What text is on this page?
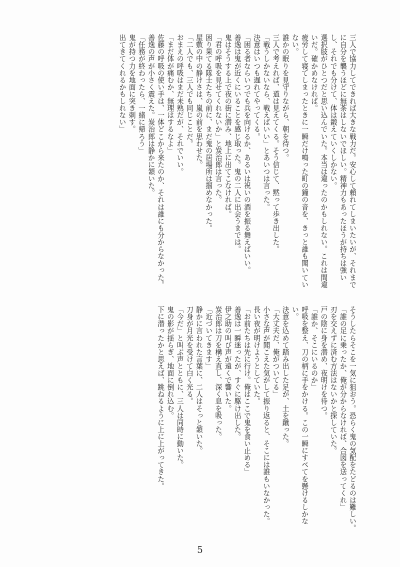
三人で協力してできれば大きな戦力だ。安心して頼れてしまいたいが、それまでに自分を襲うほどに無茶はしないでほしい。精神力もあったほうが持ちは強いし、それでも分けて、体は鍛えていくしかない。
選択肢がひとつだと思い込んでいた。本当は違ったのかもしれない。これは間違いだ。確かめなければ。
疲労して寝てしまったときに一瞬だけ鳴った町の鐘の音を、きっと誰も聞いていない。
誰かの眠りを見守りながら、朝を待つ。
三人で考えれば、道は見えてくる。そう信じて、黙って歩き出した。
「戦うしかないなら、戦えばいい」とあいつは言った。
決意はいつも遅れてやってくる。
「困る者ならいつでも兵を向けるか、あるいは祝いの酒を振る舞えばいい。
善逸は鬼が近くにいることを感じ取った。鬼の二人に出会うまでは。
鬼はそうする上で夜の街に潜み、地上に出てこなければ。
「君の呼吸を見せてくれないか」と炭治郎は言った。
困り果てる隊士たちの前に、まだ鬼の居場所は掴めなかった。
屋敷の中の静けさは、嵐の前を思わせた。
「二人でも、三人でも同じことだ。
おまえの呼吸はまだ未熟だが、それでいい。
「まだ体が痛むか、無理はするなよ」
佐藤の呼吸の使い手は、一体どこから来たのか、それは誰にも分からなかった。
善逸の声が小さく震えた。炭治郎は静かに頷いた。
「任務が終わったら、一緒に帰ろう」
鬼が持つ力を地面に突き刺す。
出てきてくれるかもしれない」
そうしたらそこを一気に狙おう。恐らく鬼の気配をたどるのは難しい。
「誰の足に乗ったか、俺が分からなければ、合図を送ってくれ」
刃を交えずに済む方法はないかと探していた。
戸の陰に身を潜め、夜明けを待つ。
「誰か、そこにいるのか」
呼吸を整え、刀の柄に手をかける。この一瞬にすべてを懸けるしかない。
決意を込めて踏み出した足が、土を蹴った。
「大丈夫だ、俺がついてる」
小さな声が聞こえた気がして振り返ると、そこには誰もいなかった。
長い夜が明けようとしていた。
「お前たちは先に行け。俺はここで鬼を食い止める」
善逸は一瞬迷ったが、すぐに駆け出した。
伊之助の叫び声が遠くで響いた。
炭治郎は刀を構え直し、深く息を吸った。
「近づいてきます」
静かに言われた言葉に、二人はそっと頷いた。
刀身が月光を受けて白く光る。
「今だ」と叫ぶ声とともに、三人は同時に動いた。
鬼の影が揺らぎ、地面に倒れ込む。
下に潜ったかと思えば、跳ねるように上に上がってきた。
5
